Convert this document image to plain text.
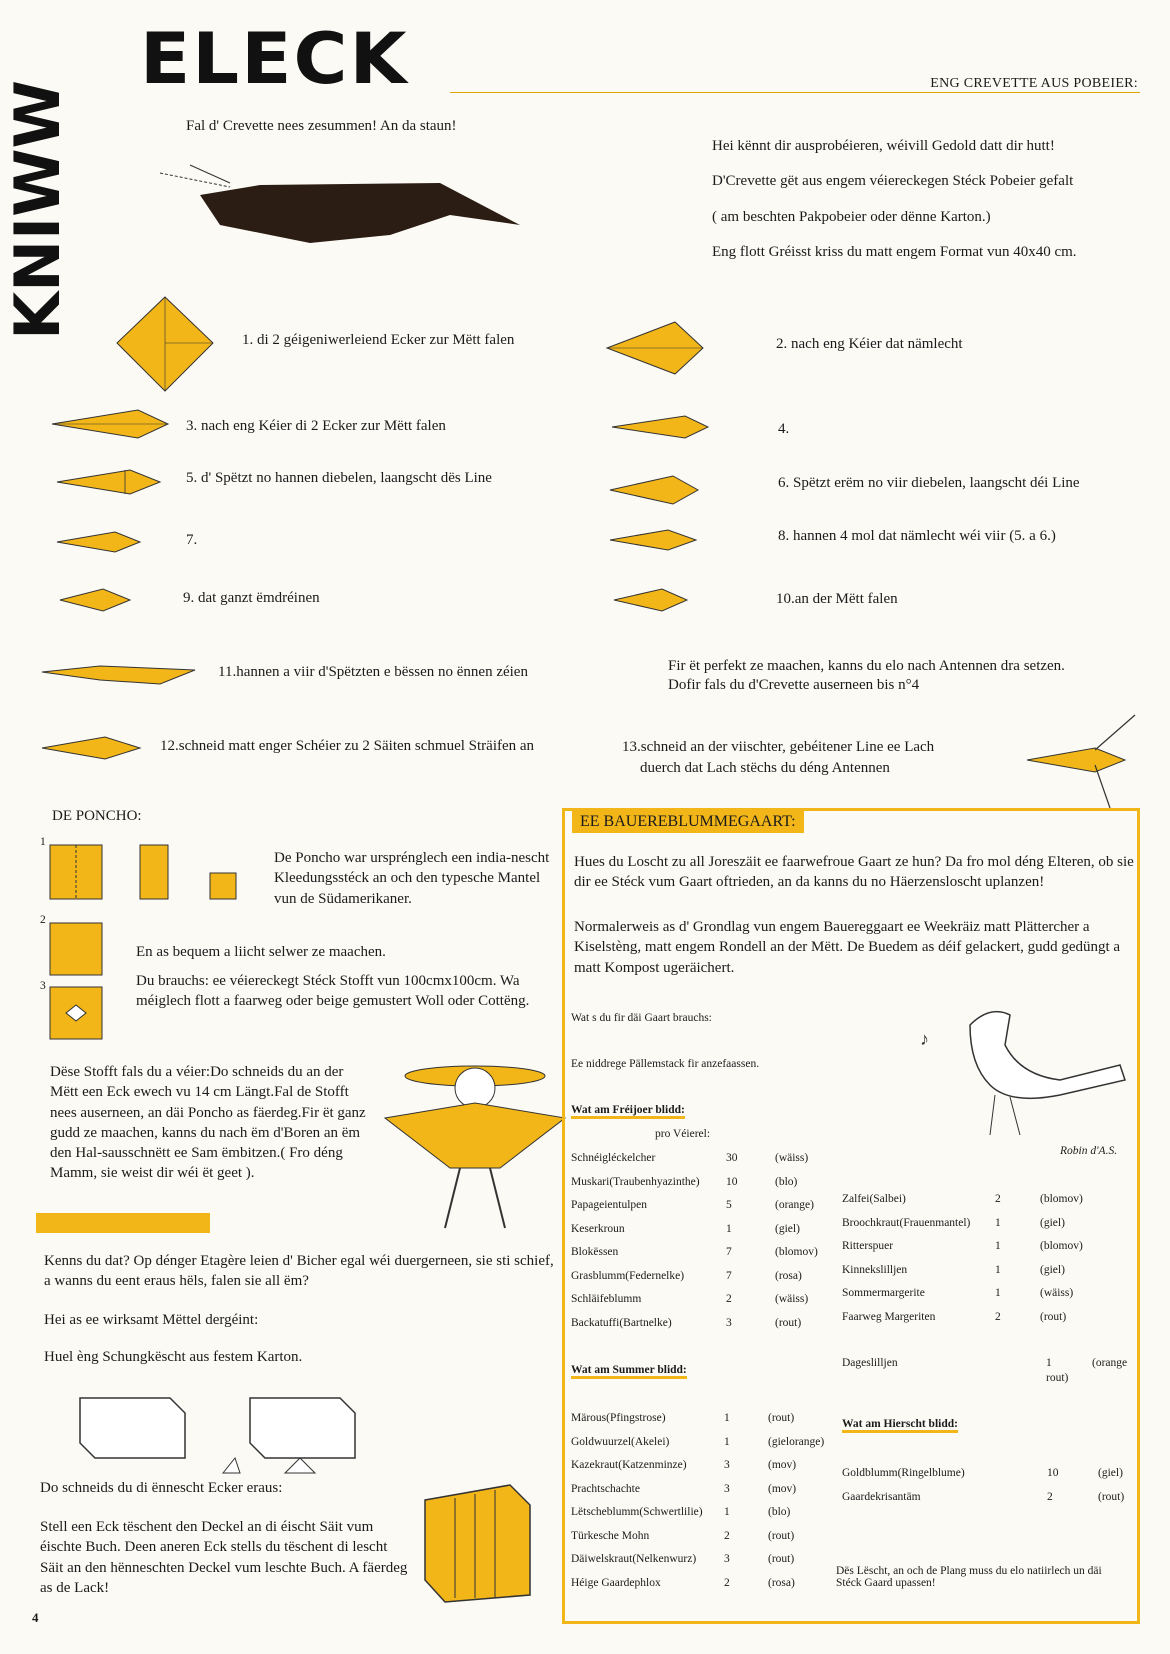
KNIWW
ELECK	ENG CREVETTE AUS POBEIER:
Fal d' Crevette nees zesummen! An da staun!
Hei kënnt dir ausprobéieren, wéivill Gedold datt dir hutt!
D'Crevette gët aus engem véiereckegen Stéck Pobeier gefalt
( am beschten Pakpobeier oder dënne Karton.)
Eng flott Gréisst kriss du matt engem Format vun 40x40 cm.
1. di 2 géigeniwerleiend Ecker zur Mëtt falen	2. nach eng Kéier dat nämlecht
3. nach eng Kéier di 2 Ecker zur Mëtt falen	4.
5. d' Spëtzt no hannen diebelen, laangscht dës Line	6. Spëtzt erëm no viir diebelen, laangscht déi Line
7.	8. hannen 4 mol dat nämlecht wéi viir (5. a 6.)
9. dat ganzt ëmdréinen	10.an der Mëtt falen
11.hannen a viir d'Spëtzten e bëssen no ënnen zéien	Fir ët perfekt ze maachen, kanns du elo nach Antennen dra setzen.
Dofir fals du d'Crevette auserneen bis n°4
12.schneid matt enger Schéier zu 2 Säiten schmuel Sträifen an	13.schneid an der viischter, gebéitener Line ee Lach
duerch dat Lach stëchs du déng Antennen
DE PONCHO:
1
2
3
De Poncho war ursprénglech een india-nescht Kleedungsstéck an och den typesche Mantel vun de Südamerikaner.
En as bequem a liicht selwer ze maachen.
Du brauchs: ee véiereckegt Stéck Stofft vun 100cmx100cm. Wa méiglech flott a faarweg oder beige gemustert Woll oder Cottëng.
Dëse Stofft fals du a véier:Do schneids du an der Mëtt een Eck ewech vu 14 cm Längt.Fal de Stofft nees auserneen, an däi Poncho as fäerdeg.Fir ët ganz gudd ze maachen, kanns du nach ëm d'Boren an ëm den Hal-sausschnëtt ee Sam ëmbitzen.( Fro déng Mamm, sie weist dir wéi ët geet ).
Kenns du dat? Op dénger Etagère leien d' Bicher egal wéi duergerneen, sie sti schief, a wanns du eent eraus hëls, falen sie all ëm?
Hei as ee wirksamt Mëttel dergéint:
Huel èng Schungkëscht aus festem Karton.
Do schneids du di ënnescht Ecker eraus:
Stell een Eck tëschent den Deckel an di éischt Säit vum éischte Buch. Deen aneren Eck stells du tëschent di lescht Säit an den hënneschten Deckel vum leschte Buch. A fäerdeg as de Lack!
4
EE BAUEREBLUMMEGAART:
Hues du Loscht zu all Joreszäit ee faarwefroue Gaart ze hun? Da fro mol déng Elteren, ob sie dir ee Stéck vum Gaart oftrieden, an da kanns du no Häerzensloscht uplanzen!
Normalerweis as d' Grondlag vun engem Bauereggaart ee Weekräiz matt Plättercher a Kiselstèng, matt engem Rondell an der Mëtt. De Buedem as déif gelackert, gudd gedüngt a matt Kompost ugeräichert.
Wat s du fir däi Gaart brauchs:
Ee niddrege Pällemstack fir anzefaassen.
♪
Robin d'A.S.
Wat am Fréijoer blidd:
pro Véierel:
Schnéigléckelcher	30	(wäiss)
Muskari(Traubenhyazinthe) 10	(blo)
Papageientulpen	5	(orange)
Keserkroun	1	(giel)
Blokëssen	7	(blomov)
Grasblumm(Federnelke)	7	(rosa)
Schläifeblumm	2	(wäiss)
Backatuffi(Bartnelke)	3	(rout)
Zalfei(Salbei)	2	(blomov)
Broochkraut(Frauenmantel) 1	(giel)
Ritterspuer	1	(blomov)
Kinnekslilljen	1	(giel)
Sommermargerite	1	(wäiss)
Faarweg Margeriten	2	(rout)
Dageslilljen	1	(orange
rout)
Wat am Summer blidd:
Märous(Pfingstrose)	1	(rout)
Goldwuurzel(Akelei)	1	(gielorange)
Kazekraut(Katzenminze)	3	(mov)
Prachtschachte	3	(mov)
Lëtscheblumm(Schwertlilie) 1	(blo)
Türkesche Mohn	2	(rout)
Däiwelskraut(Nelkenwurz) 3	(rout)
Héige Gaardephlox	2	(rosa)
Wat am Hierscht blidd:
Goldblumm(Ringelblume)	10	(giel)
Gaardekrisantäm	2	(rout)
Dës Lëscht, an och de Plang muss du elo natiirlech un däi Stéck Gaard upassen!
